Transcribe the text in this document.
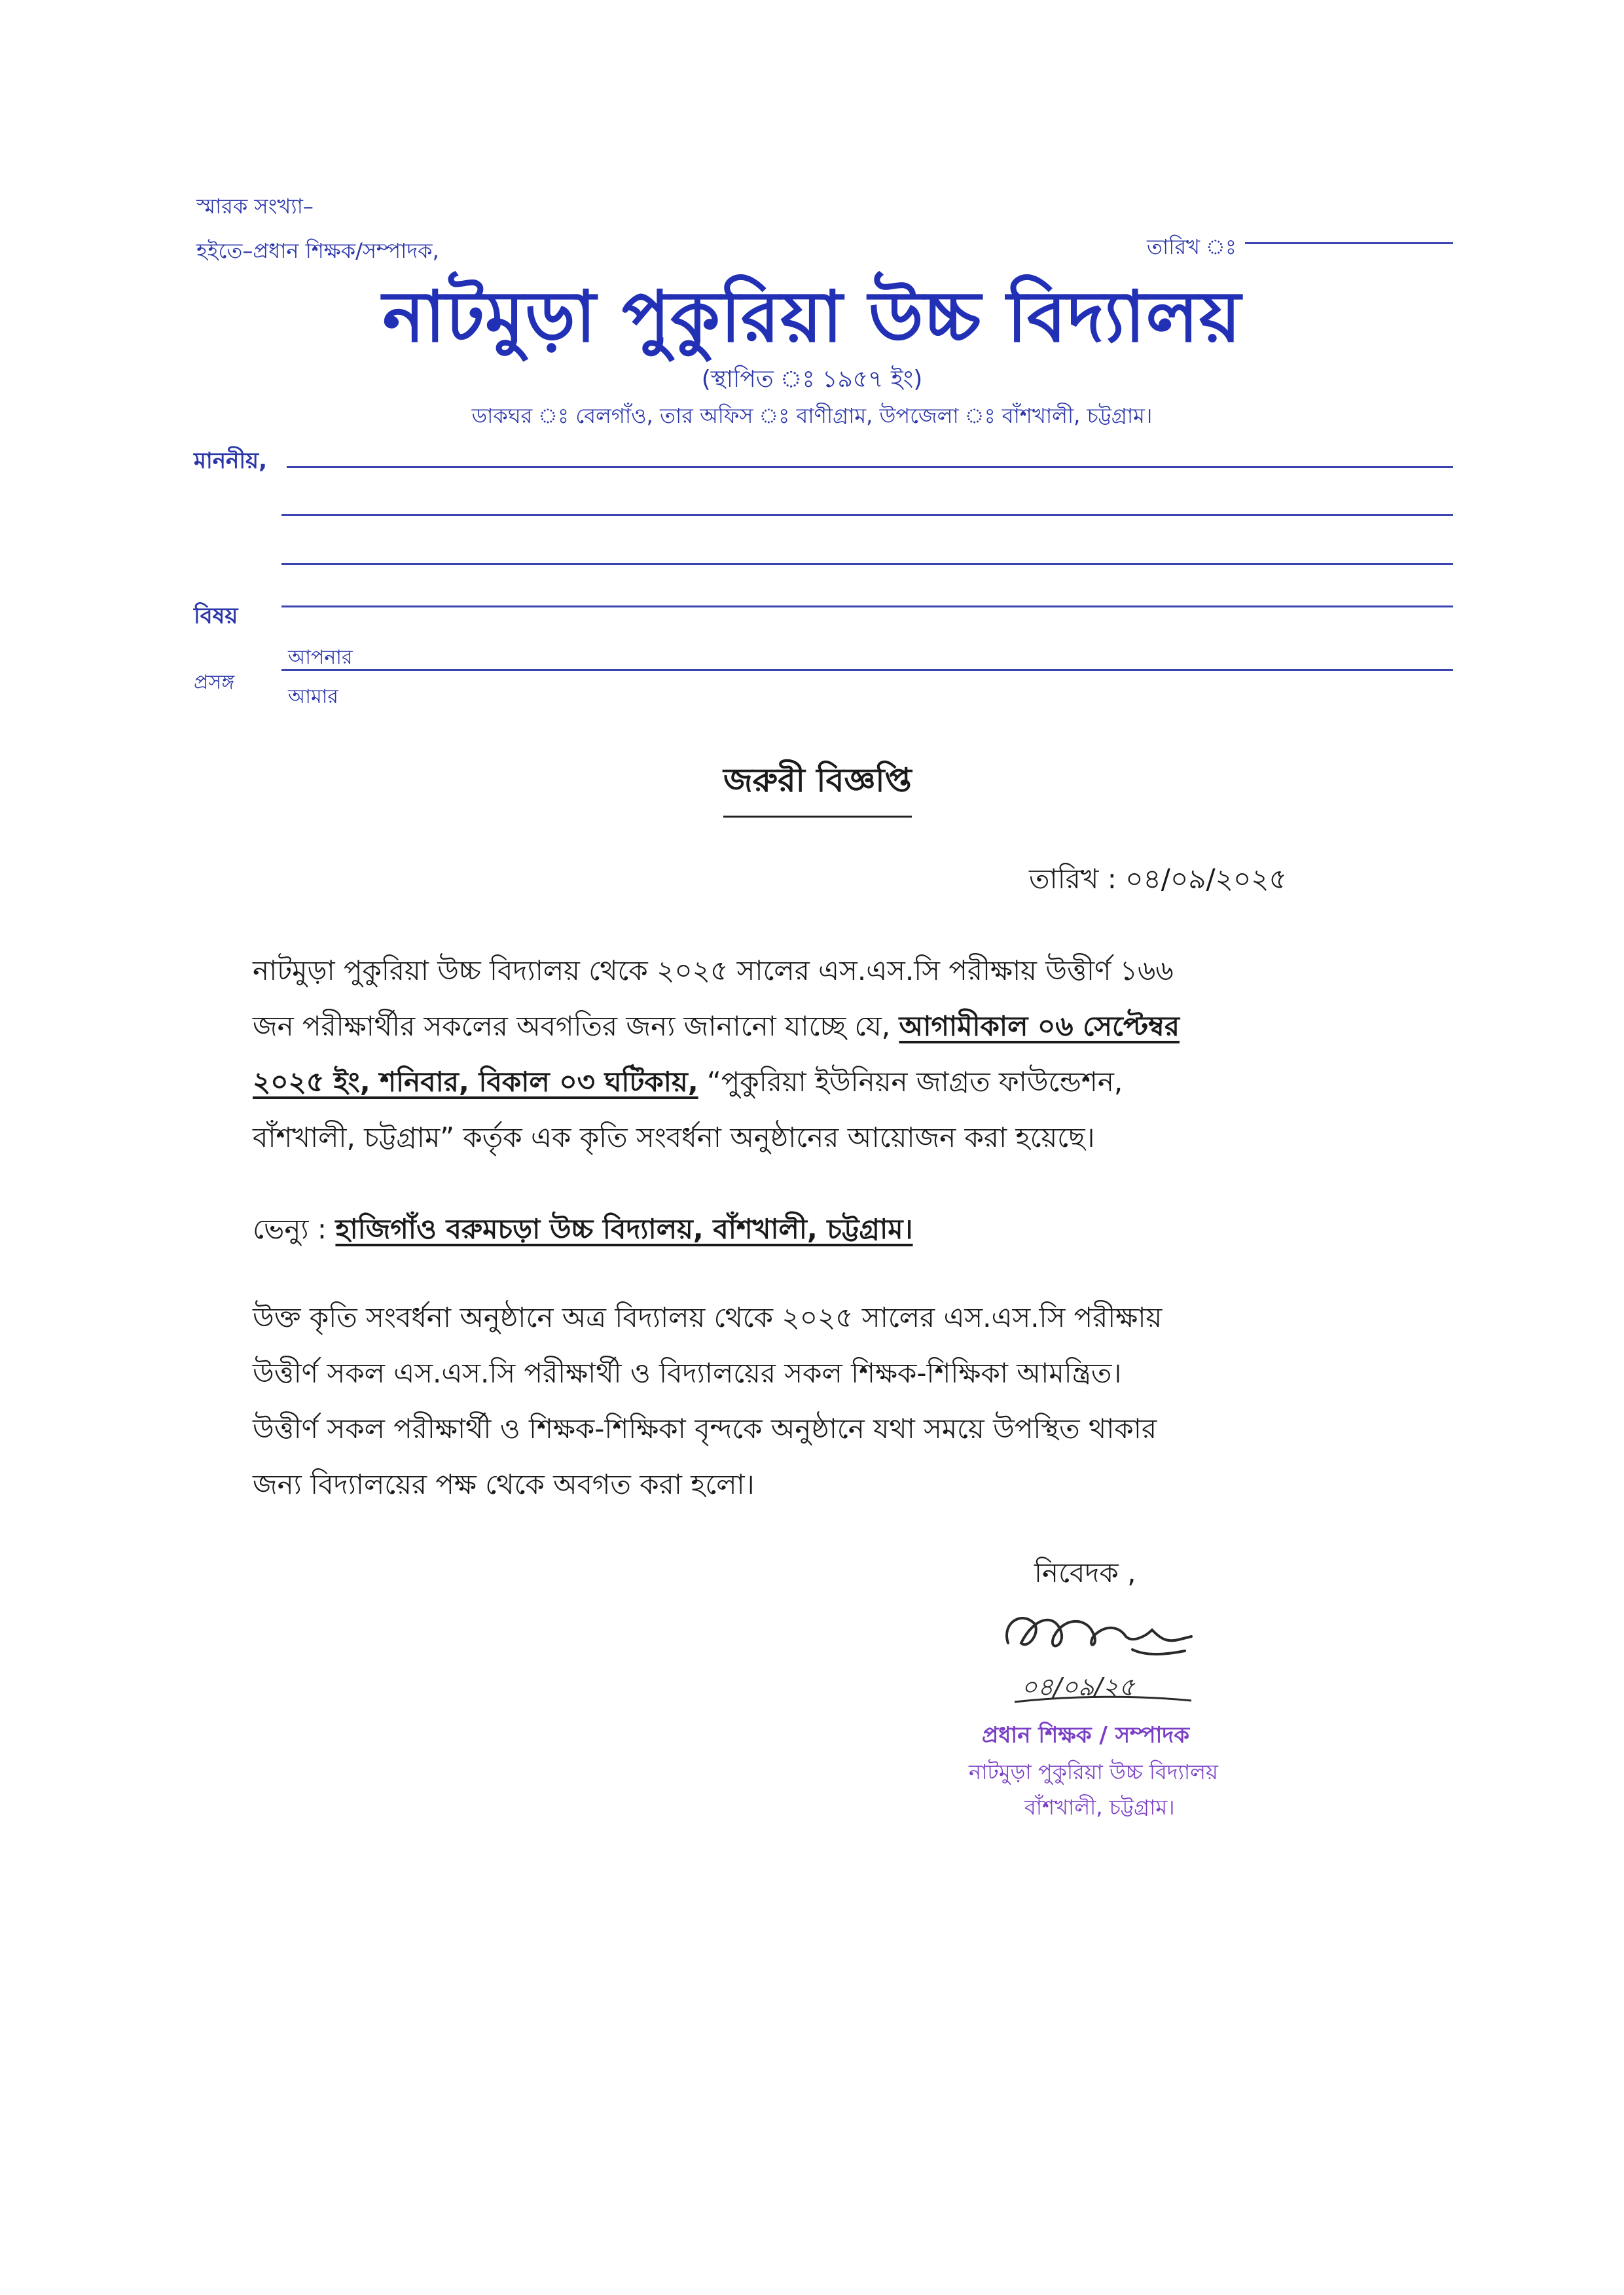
স্মারক সংখ্যা–
হইতে–প্রধান শিক্ষক/সম্পাদক,	তারিখ ঃ
নাটমুড়া পুকুরিয়া উচ্চ বিদ্যালয়
(স্থাপিত ঃ ১৯৫৭ ইং)
ডাকঘর ঃ বেলগাঁও, তার অফিস ঃ বাণীগ্রাম, উপজেলা ঃ বাঁশখালী, চট্টগ্রাম।
মাননীয়,
বিষয়
প্রসঙ্গ
আপনার
আমার
জরুরী বিজ্ঞপ্তি
তারিখ : ০৪/০৯/২০২৫
নাটমুড়া পুকুরিয়া উচ্চ বিদ্যালয় থেকে ২০২৫ সালের এস.এস.সি পরীক্ষায় উত্তীর্ণ ১৬৬
জন পরীক্ষার্থীর সকলের অবগতির জন্য জানানো যাচ্ছে যে, আগামীকাল ০৬ সেপ্টেম্বর
২০২৫ ইং, শনিবার, বিকাল ০৩ ঘটিকায়, “পুকুরিয়া ইউনিয়ন জাগ্রত ফাউন্ডেশন,
বাঁশখালী, চট্টগ্রাম” কর্তৃক এক কৃতি সংবর্ধনা অনুষ্ঠানের আয়োজন করা হয়েছে।
ভেন্যু : হাজিগাঁও বরুমচড়া উচ্চ বিদ্যালয়, বাঁশখালী, চট্টগ্রাম।
উক্ত কৃতি সংবর্ধনা অনুষ্ঠানে অত্র বিদ্যালয় থেকে ২০২৫ সালের এস.এস.সি পরীক্ষায়
উত্তীর্ণ সকল এস.এস.সি পরীক্ষার্থী ও বিদ্যালয়ের সকল শিক্ষক-শিক্ষিকা আমন্ত্রিত।
উত্তীর্ণ সকল পরীক্ষার্থী ও শিক্ষক-শিক্ষিকা বৃন্দকে অনুষ্ঠানে যথা সময়ে উপস্থিত থাকার
জন্য বিদ্যালয়ের পক্ষ থেকে অবগত করা হলো।
নিবেদক ,
০৪/০৯/২৫
প্রধান শিক্ষক / সম্পাদক
নাটমুড়া পুকুরিয়া উচ্চ বিদ্যালয়
বাঁশখালী, চট্টগ্রাম।
